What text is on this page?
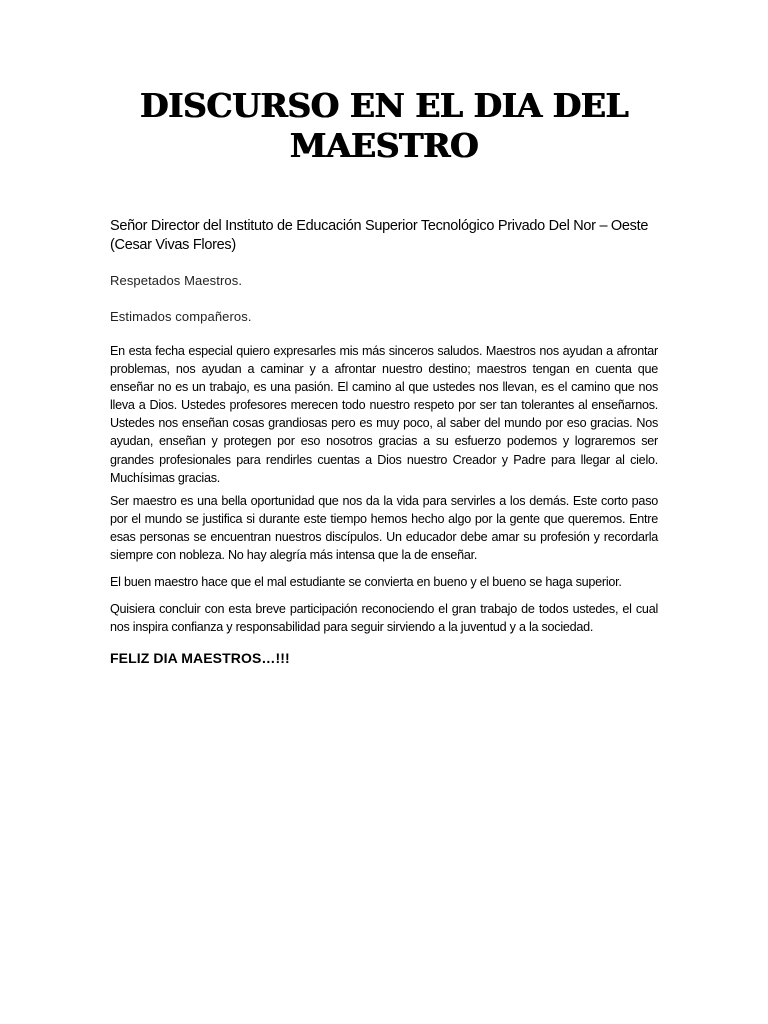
DISCURSO EN EL DIA DEL
MAESTRO

Señor Director del Instituto de Educación Superior Tecnológico Privado Del Nor – Oeste (Cesar Vivas Flores)

Respetados Maestros.

Estimados compañeros.

En esta fecha especial quiero expresarles mis más sinceros saludos. Maestros nos ayudan a afrontar problemas, nos ayudan a caminar y a afrontar nuestro destino; maestros tengan en cuenta que enseñar no es un trabajo, es una pasión. El camino al que ustedes nos llevan, es el camino que nos lleva a Dios. Ustedes profesores merecen todo nuestro respeto por ser tan tolerantes al enseñarnos. Ustedes nos enseñan cosas grandiosas pero es muy poco, al saber del mundo por eso gracias. Nos ayudan, enseñan y protegen por eso nosotros gracias a su esfuerzo podemos y lograremos ser grandes profesionales para rendirles cuentas a Dios nuestro Creador y Padre para llegar al cielo. Muchísimas gracias.

Ser maestro es una bella oportunidad que nos da la vida para servirles a los demás. Este corto paso por el mundo se justifica si durante este tiempo hemos hecho algo por la gente que queremos. Entre esas personas se encuentran nuestros discípulos. Un educador debe amar su profesión y recordarla siempre con nobleza. No hay alegría más intensa que la de enseñar.

El buen maestro hace que el mal estudiante se convierta en bueno y el bueno se haga superior.

Quisiera concluir con esta breve participación reconociendo el gran trabajo de todos ustedes, el cual nos inspira confianza y responsabilidad para seguir sirviendo a la juventud y a la sociedad.

FELIZ DIA MAESTROS…!!!
